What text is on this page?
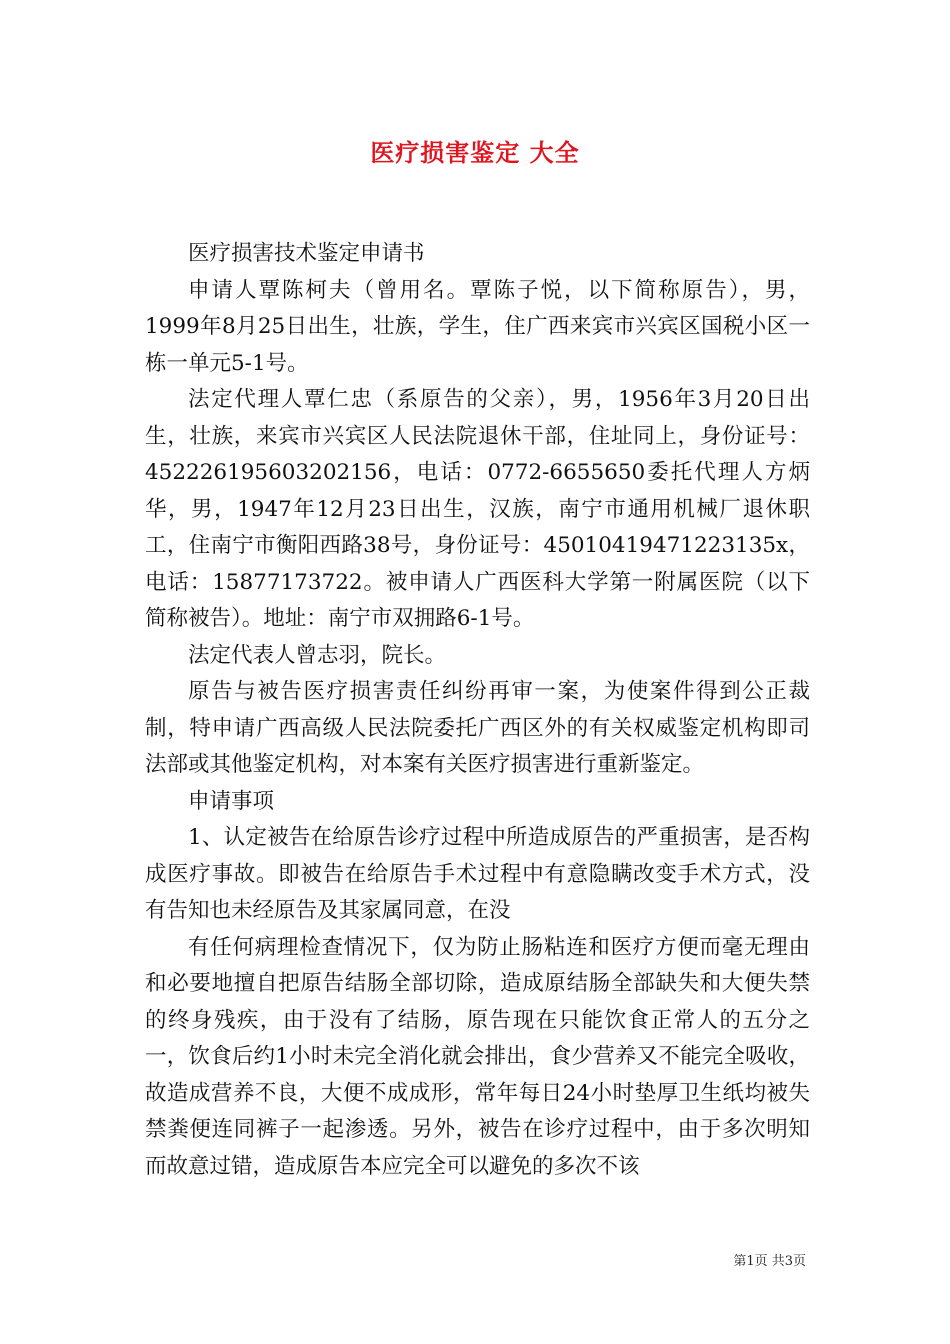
医疗损害鉴定 大全

医疗损害技术鉴定申请书

申请人覃陈柯夫（曾用名。覃陈子悦，以下简称原告），男，1999年8月25日出生，壮族，学生，住广西来宾市兴宾区国税小区一栋一单元5-1号。

法定代理人覃仁忠（系原告的父亲），男，1956年3月20日出生，壮族，来宾市兴宾区人民法院退休干部，住址同上，身份证号：452226195603202156，电话：0772-6655650委托代理人方炳华，男，1947年12月23日出生，汉族，南宁市通用机械厂退休职工，住南宁市衡阳西路38号，身份证号：45010419471223135x，电话：15877173722。被申请人广西医科大学第一附属医院（以下简称被告）。地址：南宁市双拥路6-1号。

法定代表人曾志羽，院长。

原告与被告医疗损害责任纠纷再审一案，为使案件得到公正裁制，特申请广西高级人民法院委托广西区外的有关权威鉴定机构即司法部或其他鉴定机构，对本案有关医疗损害进行重新鉴定。

申请事项

1、认定被告在给原告诊疗过程中所造成原告的严重损害，是否构成医疗事故。即被告在给原告手术过程中有意隐瞒改变手术方式，没有告知也未经原告及其家属同意，在没

有任何病理检查情况下，仅为防止肠粘连和医疗方便而毫无理由和必要地擅自把原告结肠全部切除，造成原结肠全部缺失和大便失禁的终身残疾，由于没有了结肠，原告现在只能饮食正常人的五分之一，饮食后约1小时未完全消化就会排出，食少营养又不能完全吸收，故造成营养不良，大便不成成形，常年每日24小时垫厚卫生纸均被失禁粪便连同裤子一起渗透。另外，被告在诊疗过程中，由于多次明知而故意过错，造成原告本应完全可以避免的多次不该

第1页 共3页
